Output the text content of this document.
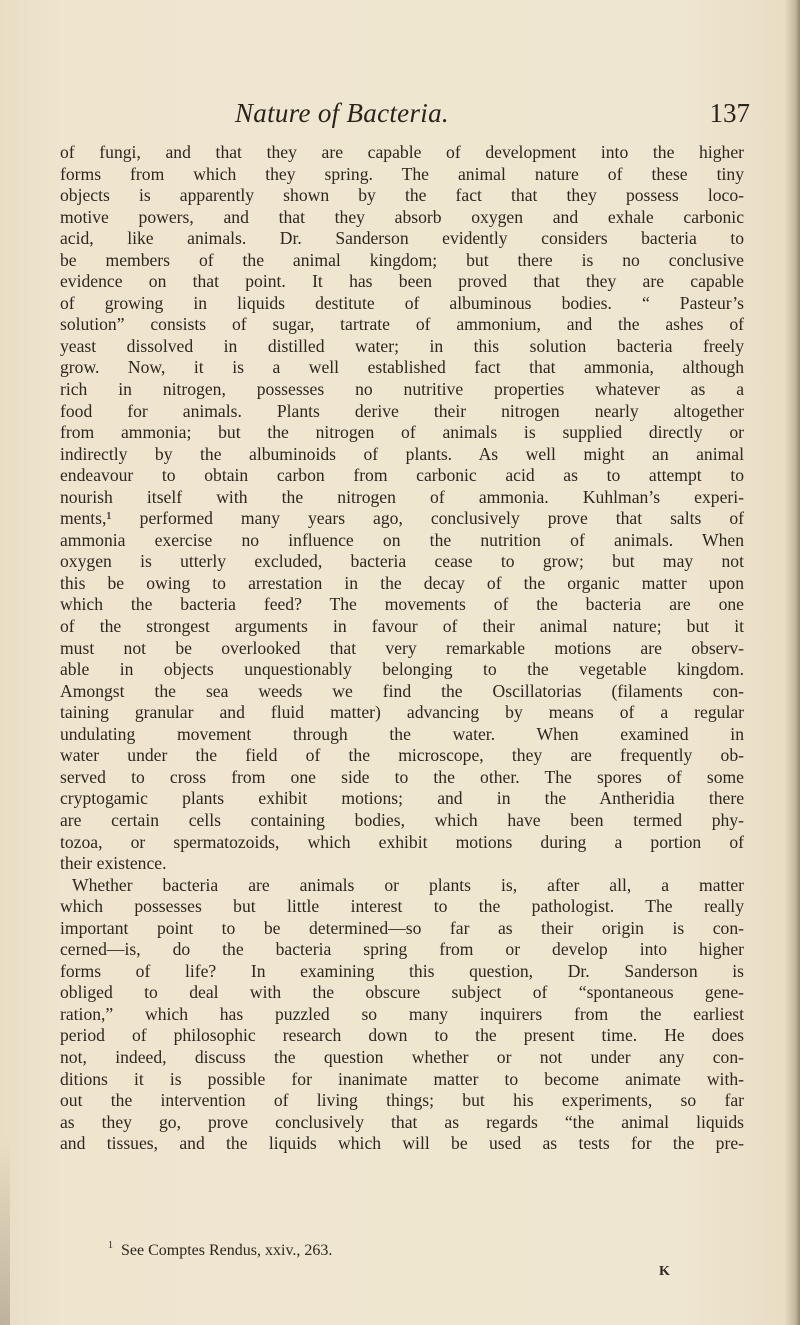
Nature of Bacteria.	137
of fungi, and that they are capable of development into the higher
forms from which they spring. The animal nature of these tiny
objects is apparently shown by the fact that they possess loco-
motive powers, and that they absorb oxygen and exhale carbonic
acid, like animals. Dr. Sanderson evidently considers bacteria to
be members of the animal kingdom; but there is no conclusive
evidence on that point. It has been proved that they are capable
of growing in liquids destitute of albuminous bodies. “ Pasteur’s
solution” consists of sugar, tartrate of ammonium, and the ashes of
yeast dissolved in distilled water; in this solution bacteria freely
grow. Now, it is a well established fact that ammonia, although
rich in nitrogen, possesses no nutritive properties whatever as a
food for animals. Plants derive their nitrogen nearly altogether
from ammonia; but the nitrogen of animals is supplied directly or
indirectly by the albuminoids of plants. As well might an animal
endeavour to obtain carbon from carbonic acid as to attempt to
nourish itself with the nitrogen of ammonia. Kuhlman’s experi-
ments,¹ performed many years ago, conclusively prove that salts of
ammonia exercise no influence on the nutrition of animals. When
oxygen is utterly excluded, bacteria cease to grow; but may not
this be owing to arrestation in the decay of the organic matter upon
which the bacteria feed? The movements of the bacteria are one
of the strongest arguments in favour of their animal nature; but it
must not be overlooked that very remarkable motions are observ-
able in objects unquestionably belonging to the vegetable kingdom.
Amongst the sea weeds we find the Oscillatorias (filaments con-
taining granular and fluid matter) advancing by means of a regular
undulating movement through the water. When examined in
water under the field of the microscope, they are frequently ob-
served to cross from one side to the other. The spores of some
cryptogamic plants exhibit motions; and in the Antheridia there
are certain cells containing bodies, which have been termed phy-
tozoa, or spermatozoids, which exhibit motions during a portion of
their existence.
Whether bacteria are animals or plants is, after all, a matter
which possesses but little interest to the pathologist. The really
important point to be determined—so far as their origin is con-
cerned—is, do the bacteria spring from or develop into higher
forms of life? In examining this question, Dr. Sanderson is
obliged to deal with the obscure subject of “spontaneous gene-
ration,” which has puzzled so many inquirers from the earliest
period of philosophic research down to the present time. He does
not, indeed, discuss the question whether or not under any con-
ditions it is possible for inanimate matter to become animate with-
out the intervention of living things; but his experiments, so far
as they go, prove conclusively that as regards “the animal liquids
and tissues, and the liquids which will be used as tests for the pre-
$^1$ See Comptes Rendus, xxiv., 263.
K
